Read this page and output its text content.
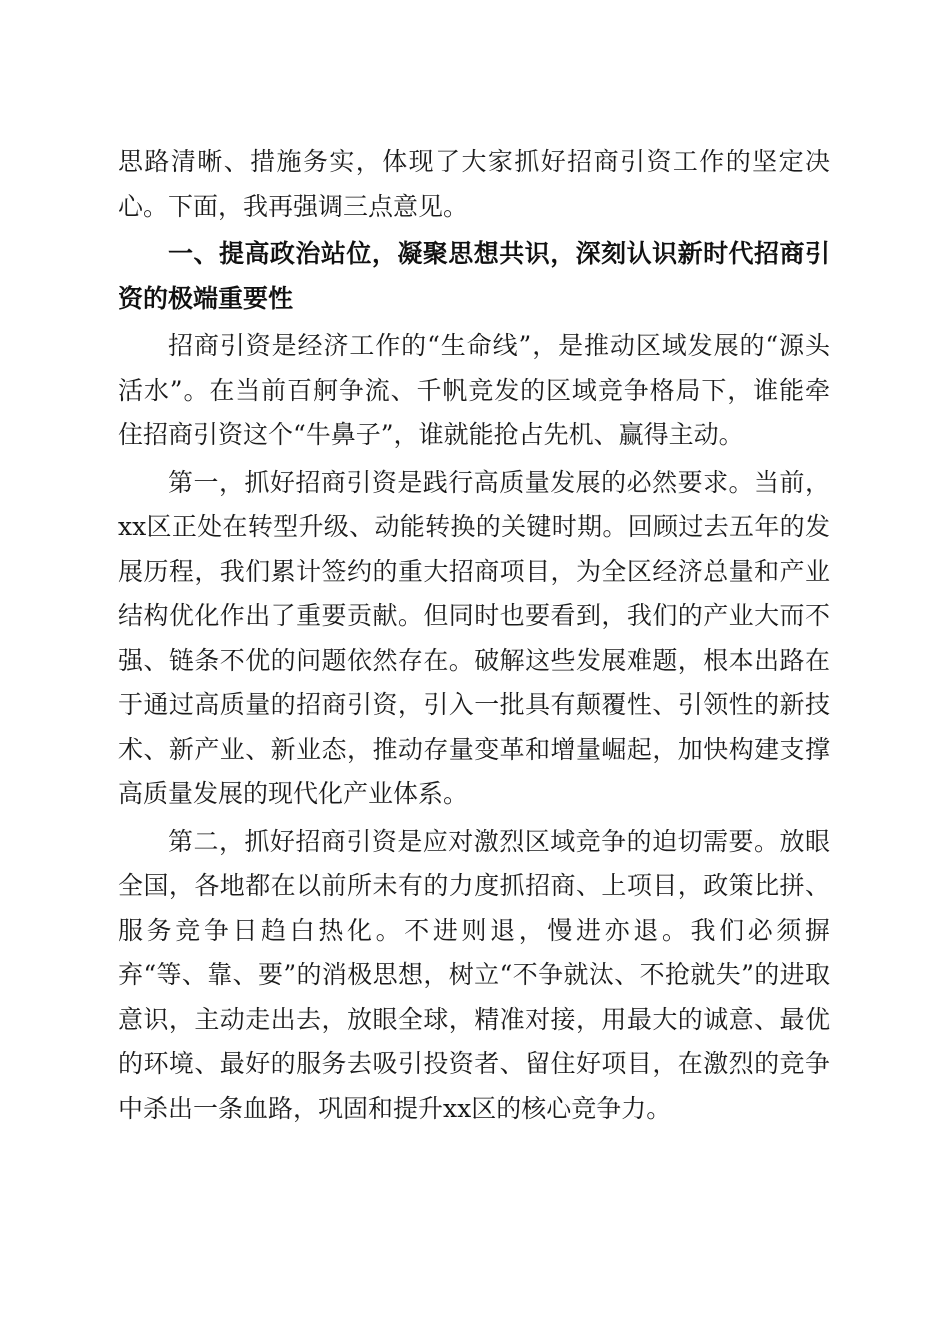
思路清晰、措施务实，体现了大家抓好招商引资工作的坚定决心。下面，我再强调三点意见。

一、提高政治站位，凝聚思想共识，深刻认识新时代招商引资的极端重要性

招商引资是经济工作的“生命线”，是推动区域发展的“源头活水”。在当前百舸争流、千帆竞发的区域竞争格局下，谁能牵住招商引资这个“牛鼻子”，谁就能抢占先机、赢得主动。

第一，抓好招商引资是践行高质量发展的必然要求。当前，xx区正处在转型升级、动能转换的关键时期。回顾过去五年的发展历程，我们累计签约的重大招商项目，为全区经济总量和产业结构优化作出了重要贡献。但同时也要看到，我们的产业大而不强、链条不优的问题依然存在。破解这些发展难题，根本出路在于通过高质量的招商引资，引入一批具有颠覆性、引领性的新技术、新产业、新业态，推动存量变革和增量崛起，加快构建支撑高质量发展的现代化产业体系。

第二，抓好招商引资是应对激烈区域竞争的迫切需要。放眼全国，各地都在以前所未有的力度抓招商、上项目，政策比拼、服务竞争日趋白热化。不进则退，慢进亦退。我们必须摒弃“等、靠、要”的消极思想，树立“不争就汰、不抢就失”的进取意识，主动走出去，放眼全球，精准对接，用最大的诚意、最优的环境、最好的服务去吸引投资者、留住好项目，在激烈的竞争中杀出一条血路，巩固和提升xx区的核心竞争力。
